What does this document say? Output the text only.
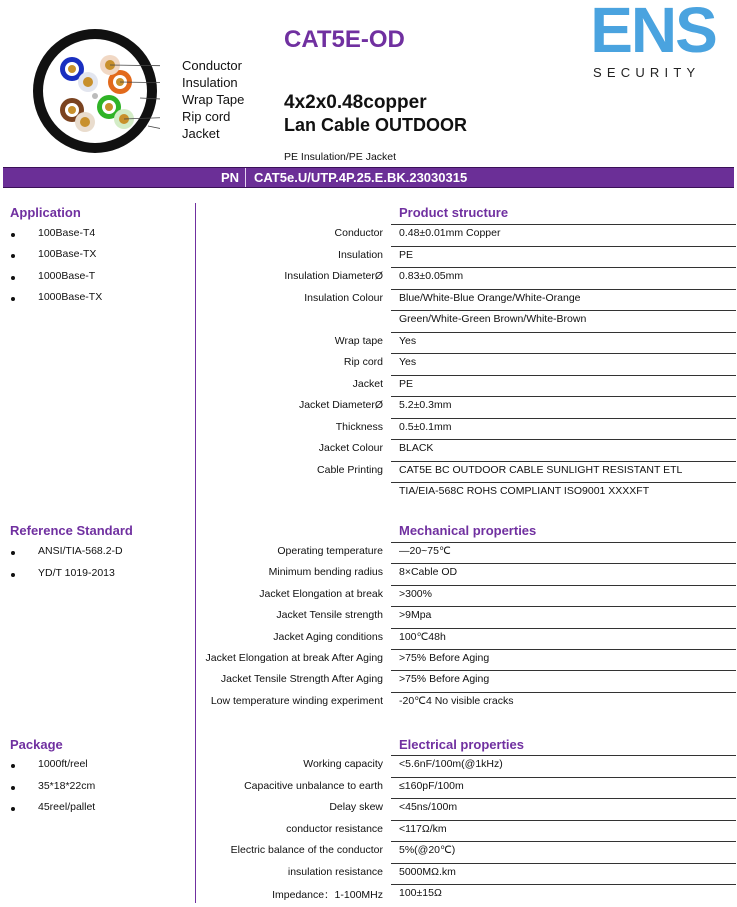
Conductor
Insulation
Wrap Tape
Rip cord
Jacket
CAT5E-OD
4x2x0.48copper
Lan Cable OUTDOOR
PE Insulation/PE Jacket
ENS
SECURITY
PN CAT5e.U/UTP.4P.25.E.BK.23030315
Application
100Base-T4
100Base-TX
1000Base-T
1000Base-TX
Reference Standard
ANSI/TIA-568.2-D
YD/T 1019-2013
Package
1000ft/reel
35*18*22cm
45reel/pallet
Product structure
Conductor 0.48±0.01mm Copper
Insulation PE
Insulation DiameterØ 0.83±0.05mm
Insulation Colour Blue/White-Blue Orange/White-Orange
Green/White-Green Brown/White-Brown
Wrap tape Yes
Rip cord Yes
Jacket PE
Jacket DiameterØ 5.2±0.3mm
Thickness 0.5±0.1mm
Jacket Colour BLACK
Cable Printing CAT5E BC OUTDOOR CABLE SUNLIGHT RESISTANT ETL
TIA/EIA-568C ROHS COMPLIANT ISO9001 XXXXFT
Mechanical properties
Operating temperature —20~75℃
Minimum bending radius 8×Cable OD
Jacket Elongation at break >300%
Jacket Tensile strength >9Mpa
Jacket Aging conditions 100℃48h
Jacket Elongation at break After Aging >75% Before Aging
Jacket Tensile Strength After Aging >75% Before Aging
Low temperature winding experiment -20℃4 No visible cracks
Electrical properties
Working capacity <5.6nF/100m(@1kHz)
Capacitive unbalance to earth ≤160pF/100m
Delay skew <45ns/100m
conductor resistance <117Ω/km
Electric balance of the conductor 5%(@20℃)
insulation resistance 5000MΩ.km
Impedance：1-100MHz 100±15Ω
